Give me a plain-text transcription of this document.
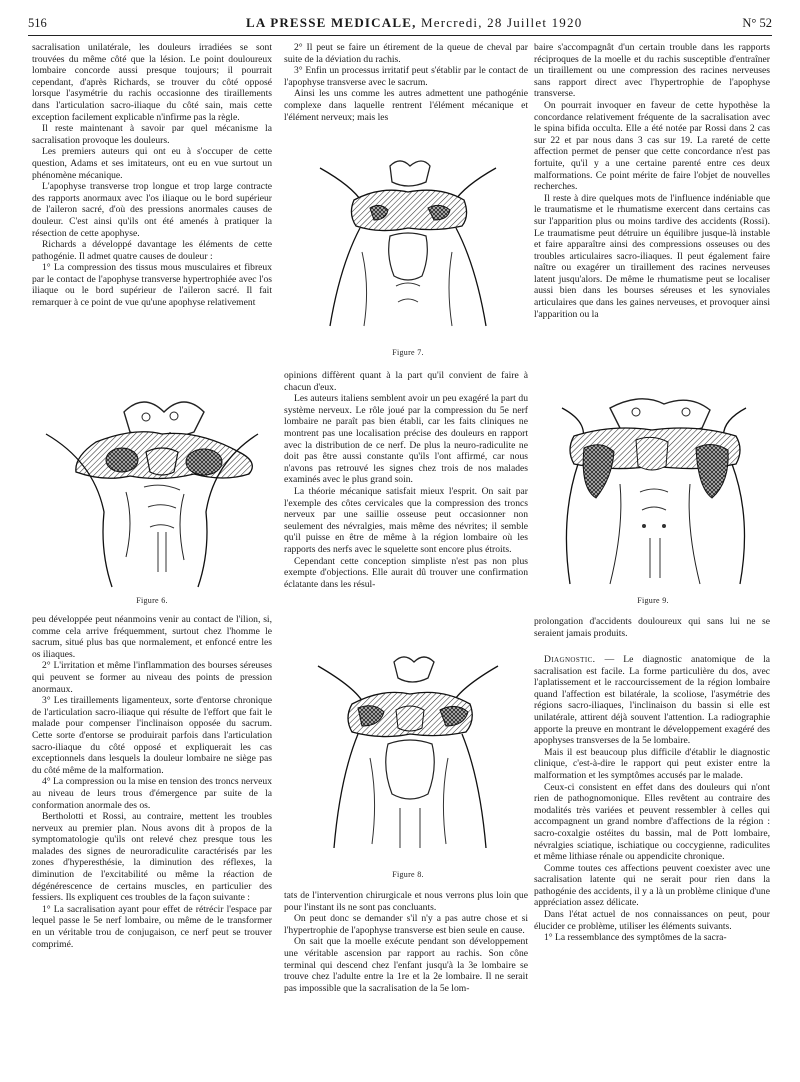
516	LA PRESSE MEDICALE, Mercredi, 28 Juillet 1920	N° 52

sacralisation unilatérale, les douleurs irradiées se sont trouvées du même côté que la lésion. Le point douloureux lombaire concorde aussi presque toujours; il pourrait cependant, d'après Richards, se trouver du côté opposé lorsque l'asymétrie du rachis occasionne des tiraillements dans l'articulation sacro-iliaque du côté sain, mais cette exception facilement explicable n'infirme pas la règle.

Il reste maintenant à savoir par quel mécanisme la sacralisation provoque les douleurs.

Les premiers auteurs qui ont eu à s'occuper de cette question, Adams et ses imitateurs, ont eu en vue surtout un phénomène mécanique.

L'apophyse transverse trop longue et trop large contracte des rapports anormaux avec l'os iliaque ou le bord supérieur de l'aileron sacré, d'où des pressions anormales causes de douleur. C'est ainsi qu'ils ont été amenés à pratiquer la résection de cette apophyse.

Richards a développé davantage les éléments de cette pathogénie. Il admet quatre causes de douleur :

1° La compression des tissus mous musculaires et fibreux par le contact de l'apophyse transverse hypertrophiée avec l'os iliaque ou le bord supérieur de l'aileron sacré. Il fait remarquer à ce point de vue qu'une apophyse relativement

Figure 6.

peu développée peut néanmoins venir au contact de l'ilion, si, comme cela arrive fréquemment, surtout chez l'homme le sacrum, situé plus bas que normalement, et enfoncé entre les os iliaques.

2° L'irritation et même l'inflammation des bourses séreuses qui peuvent se former au niveau des points de pression anormaux.

3° Les tiraillements ligamenteux, sorte d'entorse chronique de l'articulation sacro-iliaque qui résulte de l'effort que fait le malade pour compenser l'inclinaison opposée du sacrum. Cette sorte d'entorse se produirait parfois dans l'articulation sacro-iliaque du côté opposé et expliquerait les cas exceptionnels dans lesquels la douleur lombaire ne siège pas du côté même de la malformation.

4° La compression ou la mise en tension des troncs nerveux au niveau de leurs trous d'émergence par suite de la conformation anormale des os.

Bertholotti et Rossi, au contraire, mettent les troubles nerveux au premier plan. Nous avons dit à propos de la symptomatologie qu'ils ont relevé chez presque tous les malades des signes de neuroradiculite caractérisés par les zones d'hyperesthésie, la diminution des réflexes, la diminution de l'excitabilité ou même la réaction de dégénérescence de certains muscles, en particulier des fessiers. Ils expliquent ces troubles de la façon suivante :

1° La sacralisation ayant pour effet de rétrécir l'espace par lequel passe le 5e nerf lombaire, ou même de le transformer en un véritable trou de conjugaison, ce nerf peut se trouver comprimé.

2° Il peut se faire un étirement de la queue de cheval par suite de la déviation du rachis.

3° Enfin un processus irritatif peut s'établir par le contact de l'apophyse transverse avec le sacrum.

Ainsi les uns comme les autres admettent une pathogénie complexe dans laquelle rentrent l'élément mécanique et l'élément nerveux; mais les

Figure 7.

opinions diffèrent quant à la part qu'il convient de faire à chacun d'eux.

Les auteurs italiens semblent avoir un peu exagéré la part du système nerveux. Le rôle joué par la compression du 5e nerf lombaire ne paraît pas bien établi, car les faits cliniques ne montrent pas une localisation précise des douleurs en rapport avec la distribution de ce nerf. De plus la neuro-radiculite ne doit pas être aussi constante qu'ils l'ont affirmé, car nous n'avons pas retrouvé les signes chez trois de nos malades examinés avec le plus grand soin.

La théorie mécanique satisfait mieux l'esprit. On sait par l'exemple des côtes cervicales que la compression des troncs nerveux par une saillie osseuse peut occasionner non seulement des névralgies, mais même des névrites; il semble qu'il puisse en être de même à la région lombaire où les rapports des nerfs avec le squelette sont encore plus étroits.

Cependant cette conception simpliste n'est pas non plus exempte d'objections. Elle aurait dû trouver une confirmation éclatante dans les résul-

Figure 8.

tats de l'intervention chirurgicale et nous verrons plus loin que pour l'instant ils ne sont pas concluants.

On peut donc se demander s'il n'y a pas autre chose et si l'hypertrophie de l'apophyse transverse est bien seule en cause.

On sait que la moelle exécute pendant son développement une véritable ascension par rapport au rachis. Son cône terminal qui descend chez l'enfant jusqu'à la 3e lombaire se trouve chez l'adulte entre la 1re et la 2e lombaire. Il ne serait pas impossible que la sacralisation de la 5e lom-

baire s'accompagnât d'un certain trouble dans les rapports réciproques de la moelle et du rachis susceptible d'entraîner un tiraillement ou une compression des racines nerveuses sans rapport direct avec l'hypertrophie de l'apophyse transverse.

On pourrait invoquer en faveur de cette hypothèse la concordance relativement fréquente de la sacralisation avec le spina bifida occulta. Elle a été notée par Rossi dans 2 cas sur 22 et par nous dans 3 cas sur 19. La rareté de cette affection permet de penser que cette concordance n'est pas fortuite, qu'il y a une certaine parenté entre ces deux malformations. Ce point mérite de faire l'objet de nouvelles recherches.

Il reste à dire quelques mots de l'influence indéniable que le traumatisme et le rhumatisme exercent dans certains cas sur l'apparition plus ou moins tardive des accidents (Rossi). Le traumatisme peut détruire un équilibre jusque-là instable et faire apparaître ainsi des compressions osseuses ou des troubles articulaires sacro-iliaques. Il peut également faire naître ou exagérer un tiraillement des racines nerveuses latent jusqu'alors. De même le rhumatisme peut se localiser aussi bien dans les bourses séreuses et les synoviales articulaires que dans les gaines nerveuses, et provoquer ainsi l'apparition ou la

Figure 9.

prolongation d'accidents douloureux qui sans lui ne se seraient jamais produits.

Diagnostic. — Le diagnostic anatomique de la sacralisation est facile. La forme particulière du dos, avec l'aplatissement et le raccourcissement de la région lombaire quand l'affection est bilatérale, la scoliose, l'asymétrie des régions sacro-iliaques, l'inclinaison du bassin si elle est unilatérale, attirent déjà souvent l'attention. La radiographie apporte la preuve en montrant le développement exagéré des apophyses transverses de la 5e lombaire.

Mais il est beaucoup plus difficile d'établir le diagnostic clinique, c'est-à-dire le rapport qui peut exister entre la malformation et les symptômes accusés par le malade.

Ceux-ci consistent en effet dans des douleurs qui n'ont rien de pathognomonique. Elles revêtent au contraire des modalités très variées et peuvent ressembler à celles qui accompagnent un grand nombre d'affections de la région : sacro-coxalgie ostéites du bassin, mal de Pott lombaire, névralgies sciatique, ischiatique ou coccygienne, radiculites et même lithiase rénale ou appendicite chronique.

Comme toutes ces affections peuvent coexister avec une sacralisation latente qui ne serait pour rien dans la pathogénie des accidents, il y a là un problème clinique d'une appréciation assez délicate.

Dans l'état actuel de nos connaissances on peut, pour élucider ce problème, utiliser les éléments suivants.

1° La ressemblance des symptômes de la sacra-
